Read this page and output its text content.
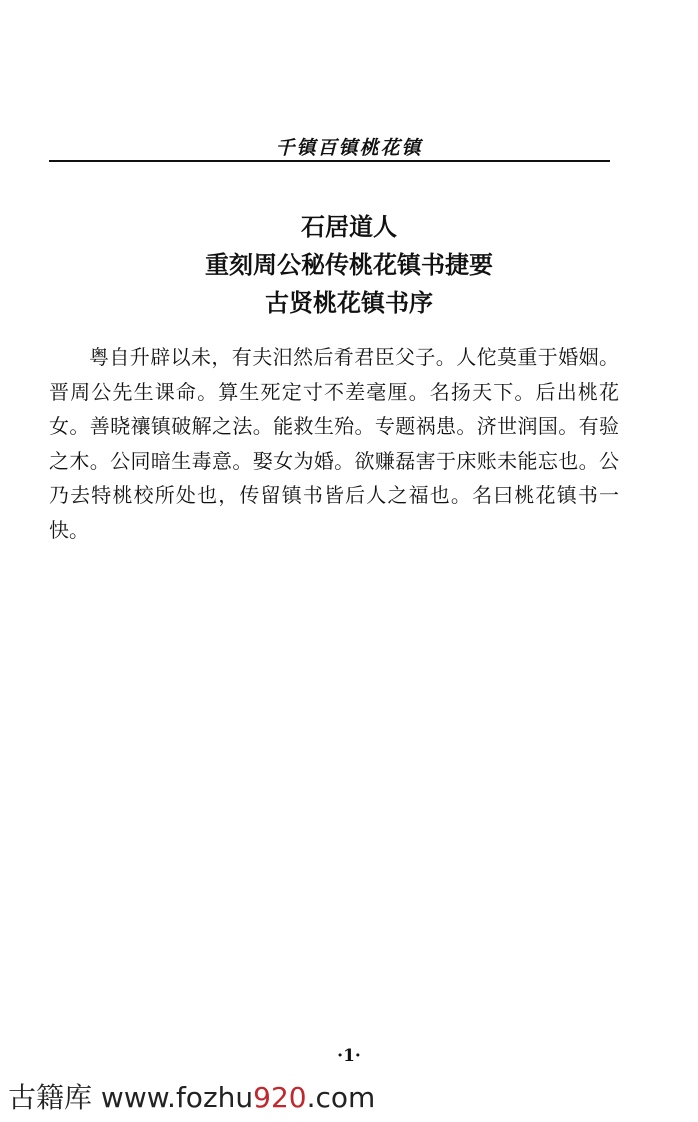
千镇百镇桃花镇
石居道人
重刻周公秘传桃花镇书捷要
古贤桃花镇书序

粤自升辟以未，有夫汨然后肴君臣父子。人佗莫重于婚姻。晋周公先生课命。算生死定寸不差毫厘。名扬天下。后出桃花女。善晓禳镇破解之法。能救生殆。专题祸患。济世润国。有验之木。公同暗生毒意。娶女为婚。欲赚磊害于床账未能忘也。公乃去特桃校所处也，传留镇书皆后人之福也。名曰桃花镇书一快。

·1·
古籍库 www.fozhu920.com
